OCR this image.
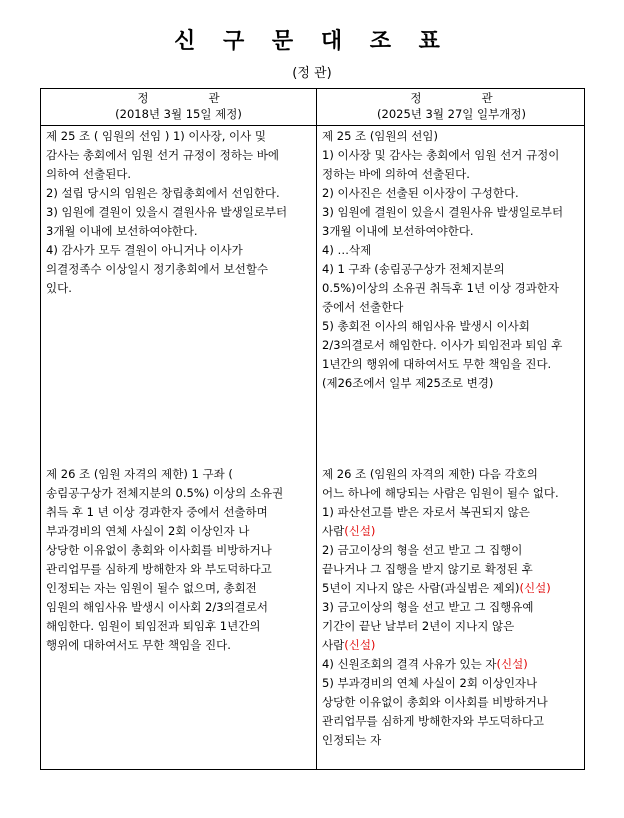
신 구 문 대 조 표
(정 관)
정관
(2018년 3월 15일 제정)
정관
(2025년 3월 27일 일부개정)
제 25 조 ( 임원의 선임 ) 1) 이사장, 이사 및
감사는 총회에서 임원 선거 규정이 정하는 바에
의하여 선출된다.
2) 설립 당시의 임원은 창립총회에서 선임한다.
3) 임원에 결원이 있을시 결원사유 발생일로부터
3개월 이내에 보선하여야한다.
4) 감사가 모두 결원이 아니거나 이사가
의결정족수 이상일시 정기총회에서 보선할수
있다.
제 25 조 (임원의 선임)
1) 이사장 및 감사는 총회에서 임원 선거 규정이
정하는 바에 의하여 선출된다.
2) 이사진은 선출된 이사장이 구성한다.
3) 임원에 결원이 있을시 결원사유 발생일로부터
3개월 이내에 보선하여야한다.
4) …삭제
4) 1 구좌 (송림공구상가 전체지분의
0.5%)이상의 소유권 취득후 1년 이상 경과한자
중에서 선출한다
5) 총회전 이사의 해임사유 발생시 이사회
2/3의결로서 해임한다. 이사가 퇴임전과 퇴임 후
1년간의 행위에 대하여서도 무한 책임을 진다.
(제26조에서 일부 제25조로 변경)
제 26 조 (임원 자격의 제한) 1 구좌 (
송림공구상가 전체지분의 0.5%) 이상의 소유권
취득 후 1 년 이상 경과한자 중에서 선출하며
부과경비의 연체 사실이 2회 이상인자 나
상당한 이유없이 총회와 이사회를 비방하거나
관리업무를 심하게 방해한자 와 부도덕하다고
인정되는 자는 임원이 될수 없으며, 총회전
임원의 해임사유 발생시 이사회 2/3의결로서
해임한다. 임원이 퇴임전과 퇴임후 1년간의
행위에 대하여서도 무한 책임을 진다.
제 26 조 (임원의 자격의 제한) 다음 각호의
어느 하나에 해당되는 사람은 임원이 될수 없다.
1) 파산선고를 받은 자로서 복권되지 않은
사람(신설)
2) 금고이상의 형을 선고 받고 그 집행이
끝나거나 그 집행을 받지 않기로 확정된 후
5년이 지나지 않은 사람(과실범은 제외)(신설)
3) 금고이상의 형을 선고 받고 그 집행유예
기간이 끝난 날부터 2년이 지나지 않은
사람(신설)
4) 신원조회의 결격 사유가 있는 자(신설)
5) 부과경비의 연체 사실이 2회 이상인자나
상당한 이유없이 총회와 이사회를 비방하거나
관리업무를 심하게 방해한자와 부도덕하다고
인정되는 자
